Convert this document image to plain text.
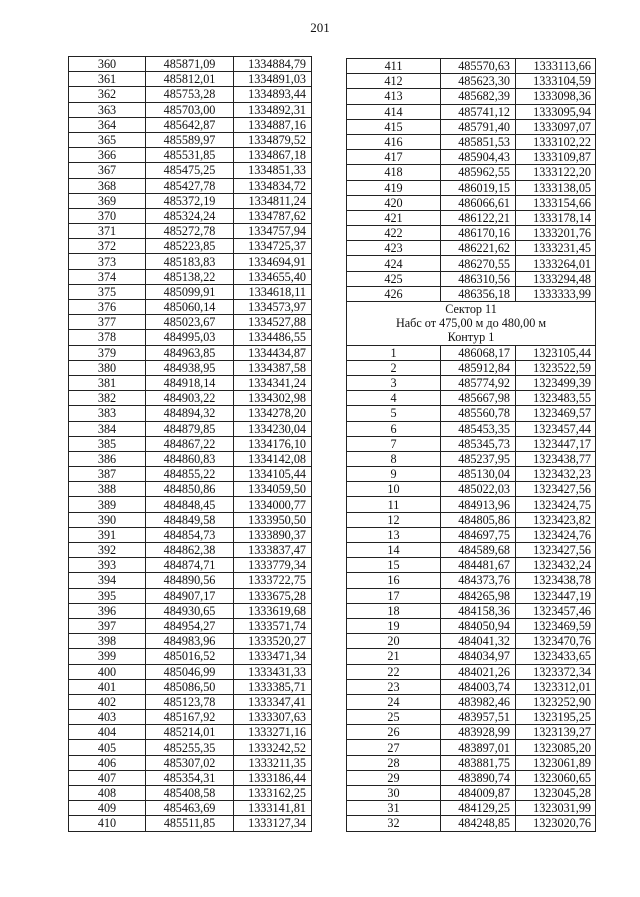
201
360	485871,09	1334884,79
361	485812,01	1334891,03
362	485753,28	1334893,44
363	485703,00	1334892,31
364	485642,87	1334887,16
365	485589,97	1334879,52
366	485531,85	1334867,18
367	485475,25	1334851,33
368	485427,78	1334834,72
369	485372,19	1334811,24
370	485324,24	1334787,62
371	485272,78	1334757,94
372	485223,85	1334725,37
373	485183,83	1334694,91
374	485138,22	1334655,40
375	485099,91	1334618,11
376	485060,14	1334573,97
377	485023,67	1334527,88
378	484995,03	1334486,55
379	484963,85	1334434,87
380	484938,95	1334387,58
381	484918,14	1334341,24
382	484903,22	1334302,98
383	484894,32	1334278,20
384	484879,85	1334230,04
385	484867,22	1334176,10
386	484860,83	1334142,08
387	484855,22	1334105,44
388	484850,86	1334059,50
389	484848,45	1334000,77
390	484849,58	1333950,50
391	484854,73	1333890,37
392	484862,38	1333837,47
393	484874,71	1333779,34
394	484890,56	1333722,75
395	484907,17	1333675,28
396	484930,65	1333619,68
397	484954,27	1333571,74
398	484983,96	1333520,27
399	485016,52	1333471,34
400	485046,99	1333431,33
401	485086,50	1333385,71
402	485123,78	1333347,41
403	485167,92	1333307,63
404	485214,01	1333271,16
405	485255,35	1333242,52
406	485307,02	1333211,35
407	485354,31	1333186,44
408	485408,58	1333162,25
409	485463,69	1333141,81
410	485511,85	1333127,34
411	485570,63	1333113,66
412	485623,30	1333104,59
413	485682,39	1333098,36
414	485741,12	1333095,94
415	485791,40	1333097,07
416	485851,53	1333102,22
417	485904,43	1333109,87
418	485962,55	1333122,20
419	486019,15	1333138,05
420	486066,61	1333154,66
421	486122,21	1333178,14
422	486170,16	1333201,76
423	486221,62	1333231,45
424	486270,55	1333264,01
425	486310,56	1333294,48
426	486356,18	1333333,99
Сектор 11		
Набс от 475,00 м до 480,00 м		
Контур 1		
1	486068,17	1323105,44
2	485912,84	1323522,59
3	485774,92	1323499,39
4	485667,98	1323483,55
5	485560,78	1323469,57
6	485453,35	1323457,44
7	485345,73	1323447,17
8	485237,95	1323438,77
9	485130,04	1323432,23
10	485022,03	1323427,56
11	484913,96	1323424,75
12	484805,86	1323423,82
13	484697,75	1323424,76
14	484589,68	1323427,56
15	484481,67	1323432,24
16	484373,76	1323438,78
17	484265,98	1323447,19
18	484158,36	1323457,46
19	484050,94	1323469,59
20	484041,32	1323470,76
21	484034,97	1323433,65
22	484021,26	1323372,34
23	484003,74	1323312,01
24	483982,46	1323252,90
25	483957,51	1323195,25
26	483928,99	1323139,27
27	483897,01	1323085,20
28	483881,75	1323061,89
29	483890,74	1323060,65
30	484009,87	1323045,28
31	484129,25	1323031,99
32	484248,85	1323020,76
